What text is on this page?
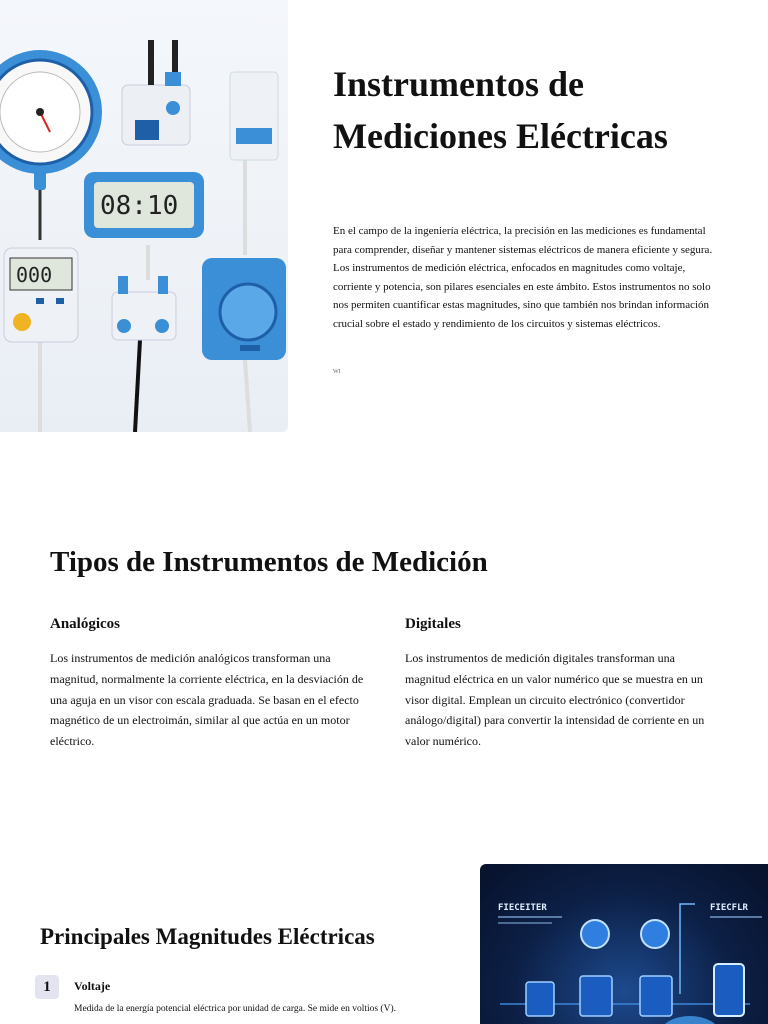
08:10
000
Instrumentos de Mediciones Eléctricas

En el campo de la ingeniería eléctrica, la precisión en las mediciones es fundamental para comprender, diseñar y mantener sistemas eléctricos de manera eficiente y segura. Los instrumentos de medición eléctrica, enfocados en magnitudes como voltaje, corriente y potencia, son pilares esenciales en este ámbito. Estos instrumentos no solo nos permiten cuantificar estas magnitudes, sino que también nos brindan información crucial sobre el estado y rendimiento de los circuitos y sistemas eléctricos.

WI
Tipos de Instrumentos de Medición
Analógicos

Los instrumentos de medición analógicos transforman una magnitud, normalmente la corriente eléctrica, en la desviación de una aguja en un visor con escala graduada. Se basan en el efecto magnético de un electroimán, similar al que actúa en un motor eléctrico.

Digitales

Los instrumentos de medición digitales transforman una magnitud eléctrica en un valor numérico que se muestra en un visor digital. Emplean un circuito electrónico (convertidor análogo/digital) para convertir la intensidad de corriente en un valor numérico.

Principales Magnitudes Eléctricas
1	Voltaje

Medida de la energía potencial eléctrica por unidad de carga. Se mide en voltios (V).

FIECEITER	FIECFLR
